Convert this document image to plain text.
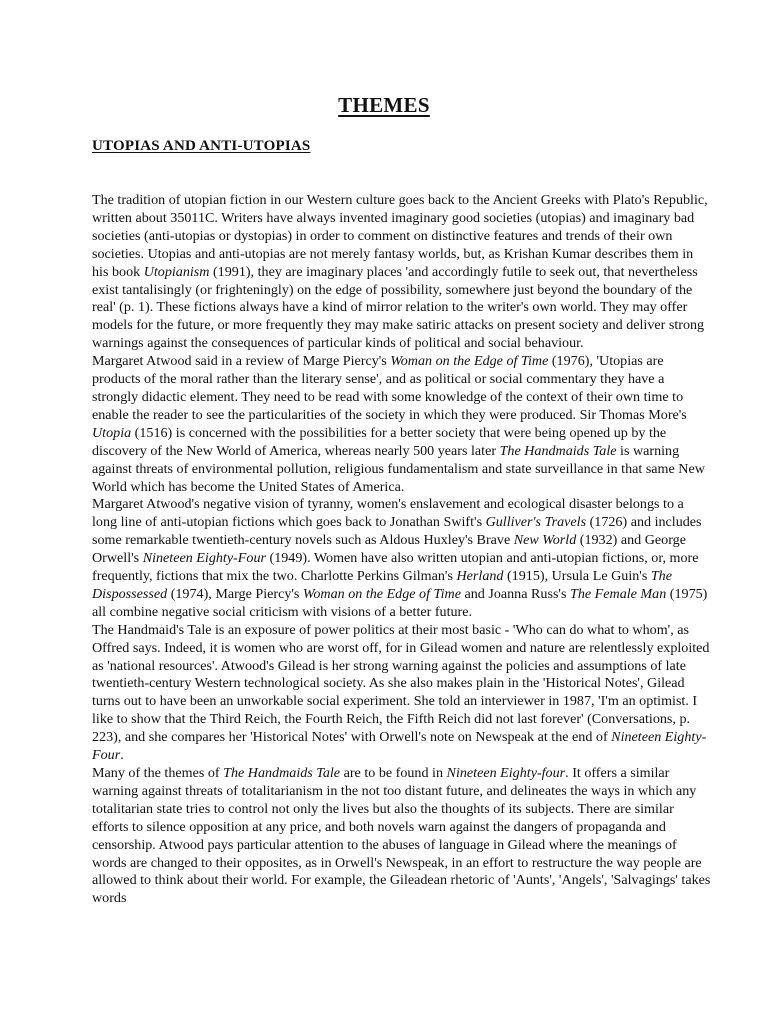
THEMES
UTOPIAS AND ANTI-UTOPIAS

The tradition of utopian fiction in our Western culture goes back to the Ancient Greeks with Plato's Republic, written about 35011C. Writers have always invented imaginary good societies (utopias) and imaginary bad societies (anti-utopias or dystopias) in order to comment on distinctive features and trends of their own societies. Utopias and anti-utopias are not merely fantasy worlds, but, as Krishan Kumar describes them in his book Utopianism (1991), they are imaginary places 'and accordingly futile to seek out, that nevertheless exist tantalisingly (or frighteningly) on the edge of possibility, somewhere just beyond the boundary of the real' (p. 1). These fictions always have a kind of mirror relation to the writer's own world. They may offer models for the future, or more frequently they may make satiric attacks on present society and deliver strong warnings against the consequences of particular kinds of political and social behaviour.

Margaret Atwood said in a review of Marge Piercy's Woman on the Edge of Time (1976), 'Utopias are products of the moral rather than the literary sense', and as political or social commentary they have a strongly didactic element. They need to be read with some knowledge of the context of their own time to enable the reader to see the particularities of the society in which they were produced. Sir Thomas More's Utopia (1516) is concerned with the possibilities for a better society that were being opened up by the discovery of the New World of America, whereas nearly 500 years later The Handmaids Tale is warning against threats of environmental pollution, religious fundamentalism and state surveillance in that same New World which has become the United States of America.

Margaret Atwood's negative vision of tyranny, women's enslavement and ecological disaster belongs to a long line of anti-utopian fictions which goes back to Jonathan Swift's Gulliver's Travels (1726) and includes some remarkable twentieth-century novels such as Aldous Huxley's Brave New World (1932) and George Orwell's Nineteen Eighty-Four (1949). Women have also written utopian and anti-utopian fictions, or, more frequently, fictions that mix the two. Charlotte Perkins Gilman's Herland (1915), Ursula Le Guin's The Dispossessed (1974), Marge Piercy's Woman on the Edge of Time and Joanna Russ's The Female Man (1975) all combine negative social criticism with visions of a better future.

The Handmaid's Tale is an exposure of power politics at their most basic - 'Who can do what to whom', as Offred says. Indeed, it is women who are worst off, for in Gilead women and nature are relentlessly exploited as 'national resources'. Atwood's Gilead is her strong warning against the policies and assumptions of late twentieth-century Western technological society. As she also makes plain in the 'Historical Notes', Gilead turns out to have been an unworkable social experiment. She told an interviewer in 1987, 'I'm an optimist. I like to show that the Third Reich, the Fourth Reich, the Fifth Reich did not last forever' (Conversations, p. 223), and she compares her 'Historical Notes' with Orwell's note on Newspeak at the end of Nineteen Eighty-Four.

Many of the themes of The Handmaids Tale are to be found in Nineteen Eighty-four. It offers a similar warning against threats of totalitarianism in the not too distant future, and delineates the ways in which any totalitarian state tries to control not only the lives but also the thoughts of its subjects. There are similar efforts to silence opposition at any price, and both novels warn against the dangers of propaganda and censorship. Atwood pays particular attention to the abuses of language in Gilead where the meanings of words are changed to their opposites, as in Orwell's Newspeak, in an effort to restructure the way people are allowed to think about their world. For example, the Gileadean rhetoric of 'Aunts', 'Angels', 'Salvagings' takes words
